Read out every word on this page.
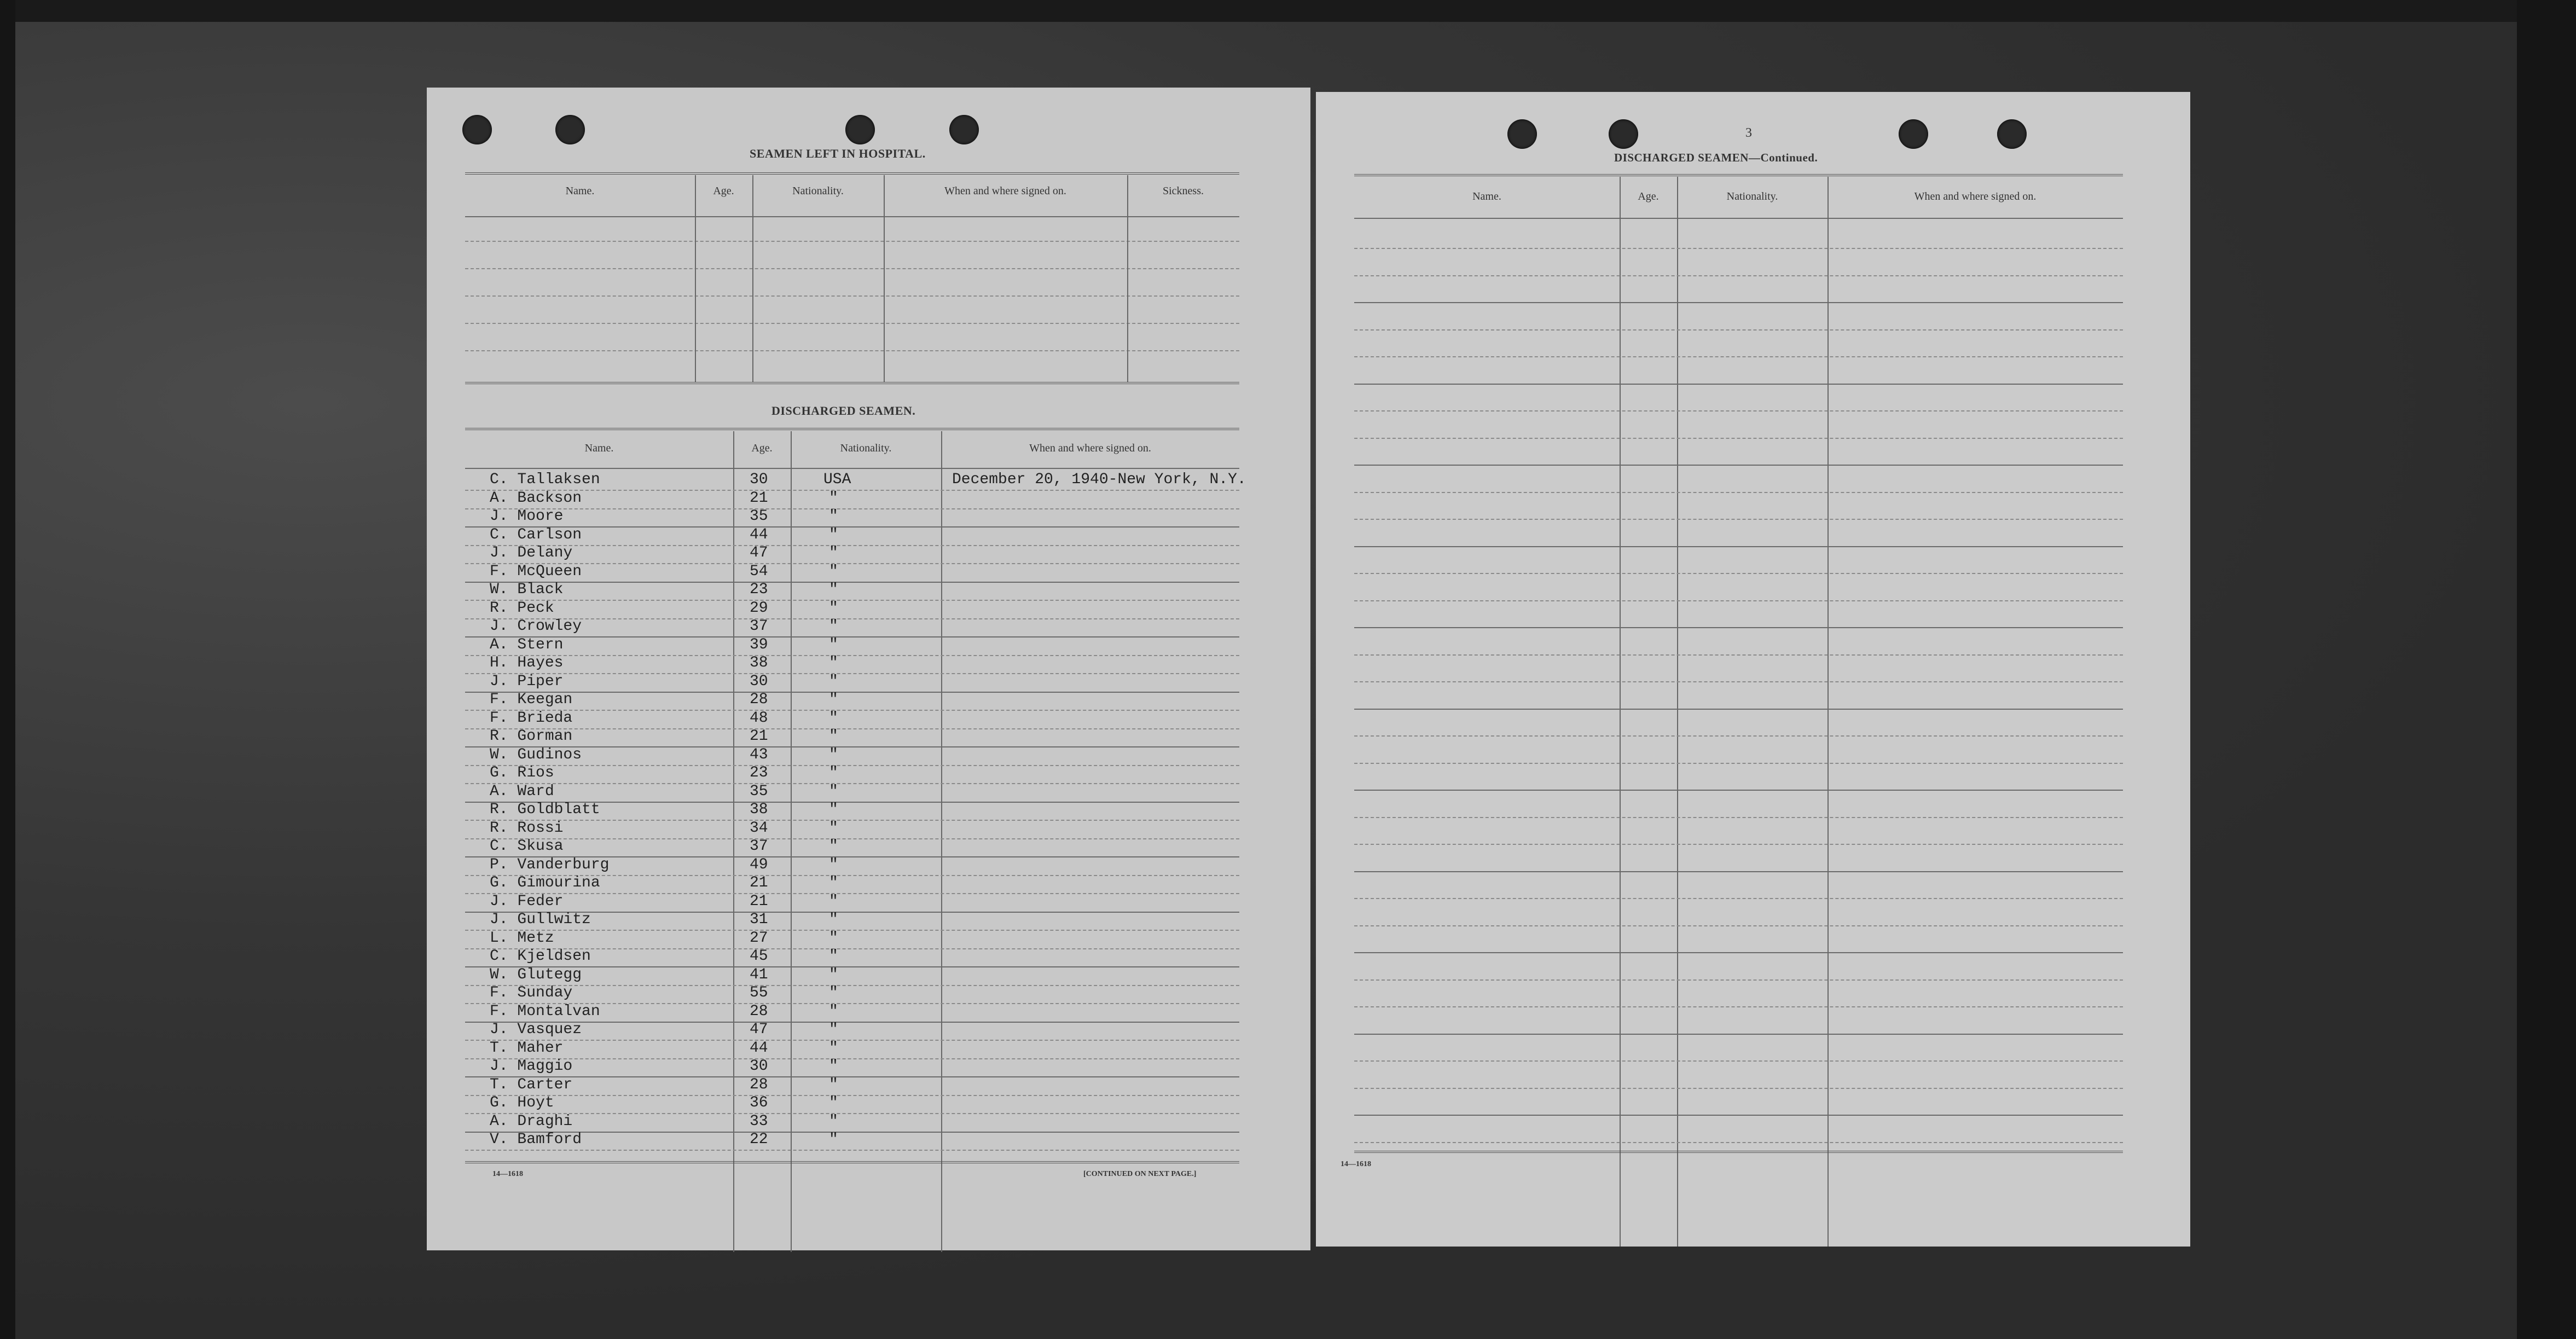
SEAMEN LEFT IN HOSPITAL.
Name.	Age.	Nationality.	When and where signed on.	Sickness.
DISCHARGED SEAMEN.
Name.	Age.	Nationality.	When and where signed on.
C. Tallaksen	30	USA	December 20, 1940-New York, N.Y.
A. Backson	21	"
J. Moore	35	"
C. Carlson	44	"
J. Delany	47	"
F. McQueen	54	"
W. Black	23	"
R. Peck	29	"
J. Crowley	37	"
A. Stern	39	"
H. Hayes	38	"
J. Piper	30	"
F. Keegan	28	"
F. Brieda	48	"
R. Gorman	21	"
W. Gudinos	43	"
G. Rios	23	"
A. Ward	35	"
R. Goldblatt	38	"
R. Rossi	34	"
C. Skusa	37	"
P. Vanderburg	49	"
G. Gimourina	21	"
J. Feder	21	"
J. Gullwitz	31	"
L. Metz	27	"
C. Kjeldsen	45	"
W. Glutegg	41	"
F. Sunday	55	"
F. Montalvan	28	"
J. Vasquez	47	"
T. Maher	44	"
J. Maggio	30	"
T. Carter	28	"
G. Hoyt	36	"
A. Draghi	33	"
V. Bamford	22	"
14—1618	[CONTINUED ON NEXT PAGE.]
3
DISCHARGED SEAMEN—Continued.
Name.	Age.	Nationality.	When and where signed on.
14—1618
